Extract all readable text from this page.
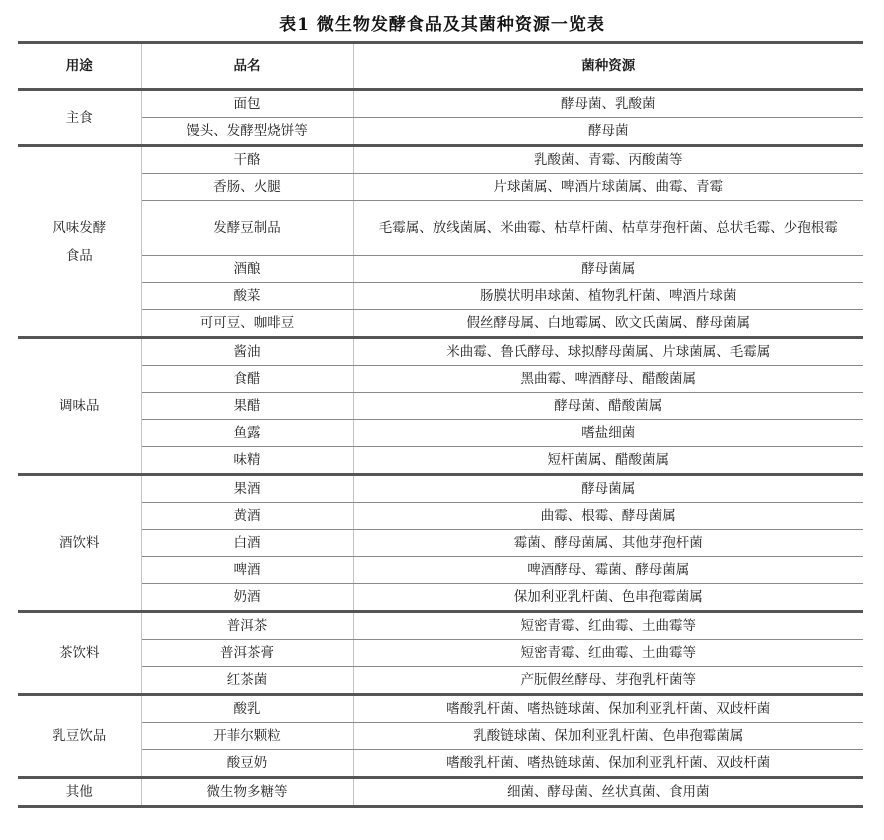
表1 微生物发酵食品及其菌种资源一览表
用途	品名	菌种资源
主食	面包	酵母菌、乳酸菌
	馒头、发酵型烧饼等	酵母菌
风味发酵食品	干酪	乳酸菌、青霉、丙酸菌等
	香肠、火腿	片球菌属、啤酒片球菌属、曲霉、青霉
	发酵豆制品	毛霉属、放线菌属、米曲霉、枯草杆菌、枯草芽孢杆菌、总状毛霉、少孢根霉
	酒酿	酵母菌属
	酸菜	肠膜状明串球菌、植物乳杆菌、啤酒片球菌
	可可豆、咖啡豆	假丝酵母属、白地霉属、欧文氏菌属、酵母菌属
调味品	酱油	米曲霉、鲁氏酵母、球拟酵母菌属、片球菌属、毛霉属
	食醋	黑曲霉、啤酒酵母、醋酸菌属
	果醋	酵母菌、醋酸菌属
	鱼露	嗜盐细菌
	味精	短杆菌属、醋酸菌属
酒饮料	果酒	酵母菌属
	黄酒	曲霉、根霉、酵母菌属
	白酒	霉菌、酵母菌属、其他芽孢杆菌
	啤酒	啤酒酵母、霉菌、酵母菌属
	奶酒	保加利亚乳杆菌、色串孢霉菌属
茶饮料	普洱茶	短密青霉、红曲霉、土曲霉等
	普洱茶膏	短密青霉、红曲霉、土曲霉等
	红茶菌	产朊假丝酵母、芽孢乳杆菌等
乳豆饮品	酸乳	嗜酸乳杆菌、嗜热链球菌、保加利亚乳杆菌、双歧杆菌
	开菲尔颗粒	乳酸链球菌、保加利亚乳杆菌、色串孢霉菌属
	酸豆奶	嗜酸乳杆菌、嗜热链球菌、保加利亚乳杆菌、双歧杆菌
其他	微生物多糖等	细菌、酵母菌、丝状真菌、食用菌
